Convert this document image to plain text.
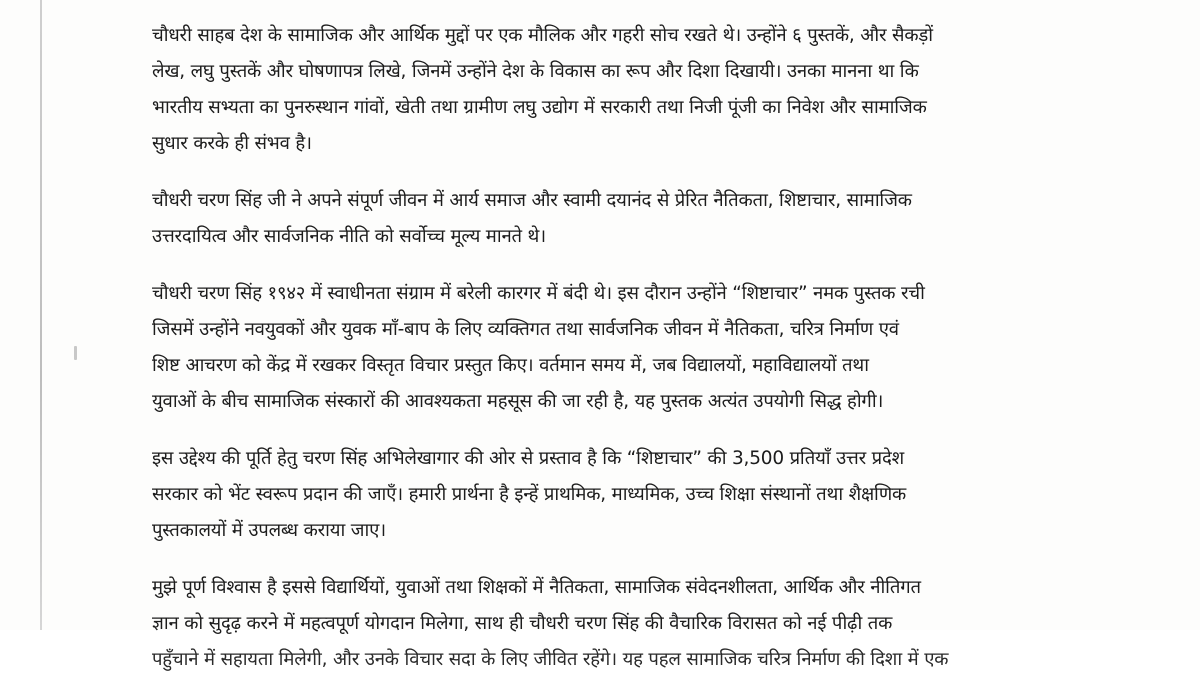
चौधरी साहब देश के सामाजिक और आर्थिक मुद्दों पर एक मौलिक और गहरी सोच रखते थे। उन्होंने ६ पुस्तकें, और सैकड़ों
लेख, लघु पुस्तकें और घोषणापत्र लिखे, जिनमें उन्होंने देश के विकास का रूप और दिशा दिखायी। उनका मानना था कि
भारतीय सभ्यता का पुनरुस्थान गांवों, खेती तथा ग्रामीण लघु उद्योग में सरकारी तथा निजी पूंजी का निवेश और सामाजिक
सुधार करके ही संभव है।
चौधरी चरण सिंह जी ने अपने संपूर्ण जीवन में आर्य समाज और स्वामी दयानंद से प्रेरित नैतिकता, शिष्टाचार, सामाजिक
उत्तरदायित्व और सार्वजनिक नीति को सर्वोच्च मूल्य मानते थे।
चौधरी चरण सिंह १९४२ में स्वाधीनता संग्राम में बरेली कारगर में बंदी थे। इस दौरान उन्होंने “शिष्टाचार” नमक पुस्तक रची
जिसमें उन्होंने नवयुवकों और युवक माँ-बाप के लिए व्यक्तिगत तथा सार्वजनिक जीवन में नैतिकता, चरित्र निर्माण एवं
शिष्ट आचरण को केंद्र में रखकर विस्तृत विचार प्रस्तुत किए। वर्तमान समय में, जब विद्यालयों, महाविद्यालयों तथा
युवाओं के बीच सामाजिक संस्कारों की आवश्यकता महसूस की जा रही है, यह पुस्तक अत्यंत उपयोगी सिद्ध होगी।
इस उद्देश्य की पूर्ति हेतु चरण सिंह अभिलेखागार की ओर से प्रस्ताव है कि “शिष्टाचार” की 3,500 प्रतियाँ उत्तर प्रदेश
सरकार को भेंट स्वरूप प्रदान की जाएँ। हमारी प्रार्थना है इन्हें प्राथमिक, माध्यमिक, उच्च शिक्षा संस्थानों तथा शैक्षणिक
पुस्तकालयों में उपलब्ध कराया जाए।
मुझे पूर्ण विश्वास है इससे विद्यार्थियों, युवाओं तथा शिक्षकों में नैतिकता, सामाजिक संवेदनशीलता, आर्थिक और नीतिगत
ज्ञान को सुदृढ़ करने में महत्वपूर्ण योगदान मिलेगा, साथ ही चौधरी चरण सिंह की वैचारिक विरासत को नई पीढ़ी तक
पहुँचाने में सहायता मिलेगी, और उनके विचार सदा के लिए जीवित रहेंगे। यह पहल सामाजिक चरित्र निर्माण की दिशा में एक
